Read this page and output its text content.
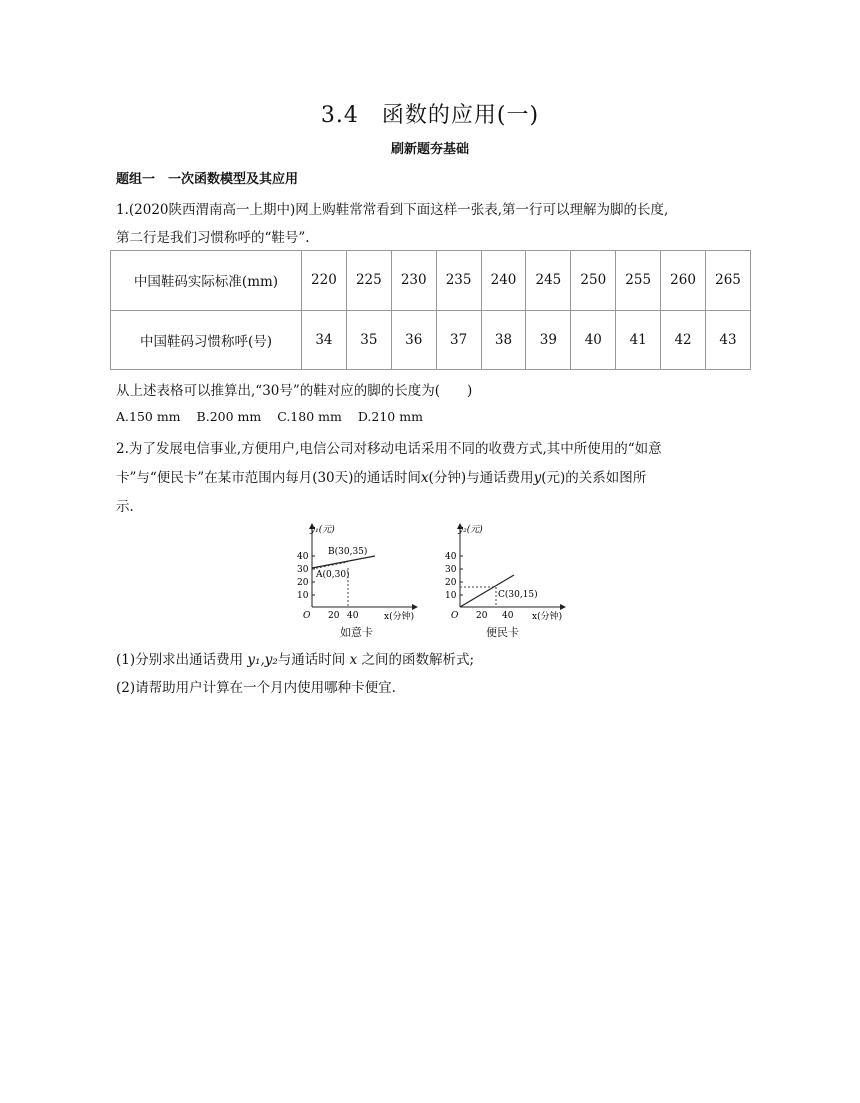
3.4　函数的应用(一)
刷新题夯基础
题组一　一次函数模型及其应用
1.(2020陕西渭南高一上期中)网上购鞋常常看到下面这样一张表,第一行可以理解为脚的长度,
第二行是我们习惯称呼的“鞋号”.
中国鞋码实际标准(mm)	220	225	230	235	240	245	250	255	260	265
中国鞋码习惯称呼(号)	34	35	36	37	38	39	40	41	42	43
从上述表格可以推算出,“30号”的鞋对应的脚的长度为(　　)
A.150 mm B.200 mm C.180 mm D.210 mm
2.为了发展电信事业,方便用户,电信公司对移动电话采用不同的收费方式,其中所使用的“如意
卡”与“便民卡”在某市范围内每月(30天)的通话时间x(分钟)与通话费用y(元)的关系如图所
示.
y₁(元)
x(分钟)
O
40
30
20
10
20 40
A(0,30)
B(30,35)
如意卡
y₂(元)
x(分钟)
O
40
30
20
10
20 40
C(30,15)
便民卡
(1)分别求出通话费用 y₁,y₂与通话时间 x 之间的函数解析式;
(2)请帮助用户计算在一个月内使用哪种卡便宜.
